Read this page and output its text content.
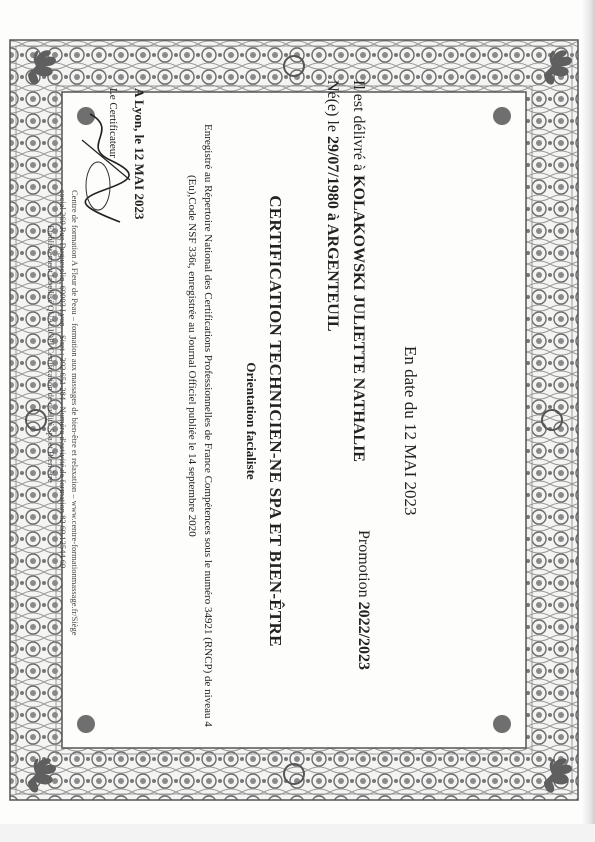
En date du 12 MAI 2023
Il est délivré à KOLAKOWSKI JULIETTE NATHALIE
Né(e) le 29/07/1980 à ARGENTEUIL
Promotion 2022/2023
CERTIFICATION TECHNICIEN-NE SPA ET BIEN-ÊTRE
Orientation facialiste
Enregistré au Répertoire National des Certifications Professionnelles de France Compétences sous le numéro 34921 (RNCP) de niveau 4
(Eu),Code NSF 336t, enregistrée au Journal Officiel publiée le 14 septembre 2020
A Lyon, le 12 MAI 2023
Le Certificateur
Centre de formation A Fleur de Peau – formation aux massages de bien-être et relaxation – www.centre-formationmassage.fr/Siège
social 269 Rue Duguesclin, 69003 Lyon – Siret : 392 651 284– Numéro d'activité de formation 82 69 12544 69
Etablissement labellisé QUALIOPI Certification de qualité Spa et Bien-être
